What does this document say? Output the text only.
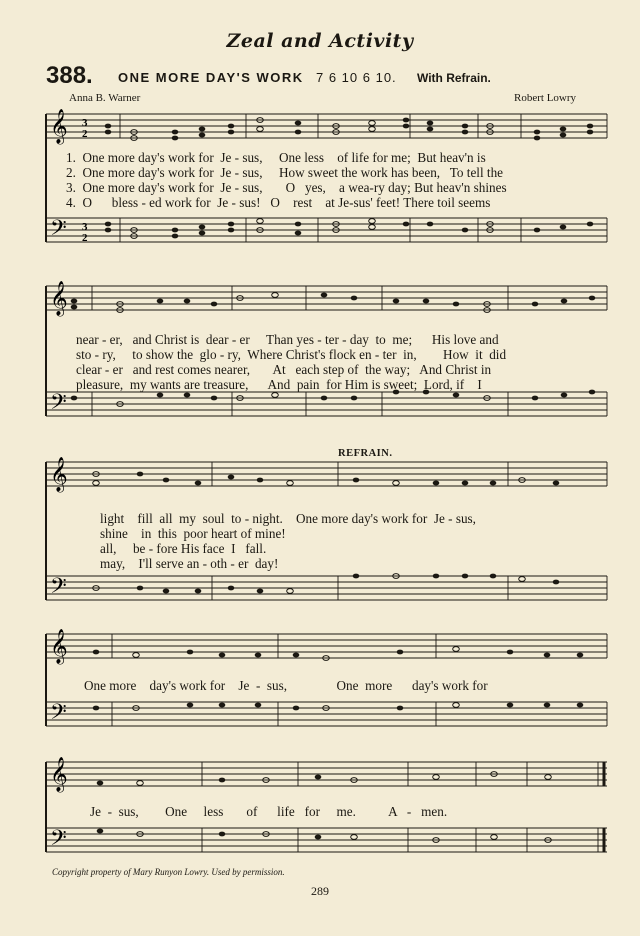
Zeal and Activity
388. ONE MORE DAY'S WORK 7 6 10 6 10. With Refrain.
Anna B. Warner	Robert Lowry
𝄞
𝄢
3
2
3
2
1.  One more day's work for  Je - sus,     One less    of life for me;  But heav'n is
2.  One more day's work for  Je - sus,     How sweet the work has been,   To tell the
3.  One more day's work for  Je - sus,       O   yes,    a wea-ry day; But heav'n shines
4.  O      bless - ed work for  Je - sus!   O    rest    at Je-sus' feet! There toil seems
𝄞
𝄢
near - er,   and Christ is  dear - er     Than yes - ter - day  to  me;      His love and
sto - ry,     to show the  glo - ry,  Where Christ's flock en - ter  in,        How  it  did
clear - er   and rest comes nearer,       At   each step of  the way;   And Christ in
pleasure,  my wants are treasure,      And  pain  for Him is sweet;  Lord, if    I
REFRAIN.
𝄞
𝄢
light    fill  all  my  soul  to - night.    One more day's work for  Je - sus,
shine    in  this  poor heart of mine!
all,     be - fore His face  I   fall.
may,    I'll serve an - oth - er  day!
𝄞
𝄢
One more    day's work for    Je  -  sus,               One  more      day's work for
𝄞
𝄢
Je  -  sus,        One     less       of      life   for     me.          A   -   men.
Copyright property of Mary Runyon Lowry. Used by permission.
289
